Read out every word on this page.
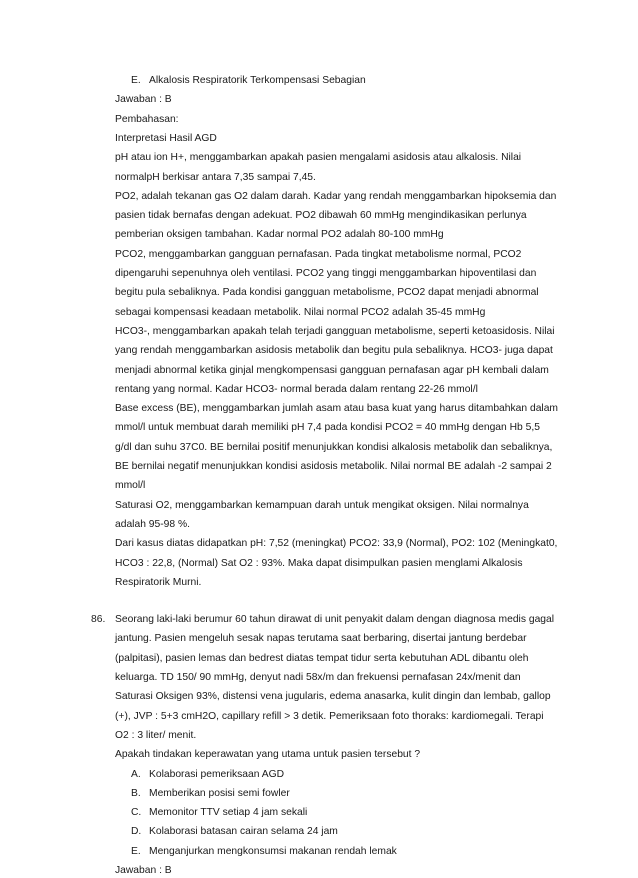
E. Alkalosis Respiratorik Terkompensasi Sebagian
Jawaban : B
Pembahasan:
Interpretasi Hasil AGD
pH atau ion H+, menggambarkan apakah pasien mengalami asidosis atau alkalosis. Nilai
normalpH berkisar antara 7,35 sampai 7,45.
PO2, adalah tekanan gas O2 dalam darah. Kadar yang rendah menggambarkan hipoksemia dan
pasien tidak bernafas dengan adekuat. PO2 dibawah 60 mmHg mengindikasikan perlunya
pemberian oksigen tambahan. Kadar normal PO2 adalah 80-100 mmHg
PCO2, menggambarkan gangguan pernafasan. Pada tingkat metabolisme normal, PCO2
dipengaruhi sepenuhnya oleh ventilasi. PCO2 yang tinggi menggambarkan hipoventilasi dan
begitu pula sebaliknya. Pada kondisi gangguan metabolisme, PCO2 dapat menjadi abnormal
sebagai kompensasi keadaan metabolik. Nilai normal PCO2 adalah 35-45 mmHg
HCO3-, menggambarkan apakah telah terjadi gangguan metabolisme, seperti ketoasidosis. Nilai
yang rendah menggambarkan asidosis metabolik dan begitu pula sebaliknya. HCO3- juga dapat
menjadi abnormal ketika ginjal mengkompensasi gangguan pernafasan agar pH kembali dalam
rentang yang normal. Kadar HCO3- normal berada dalam rentang 22-26 mmol/l
Base excess (BE), menggambarkan jumlah asam atau basa kuat yang harus ditambahkan dalam
mmol/l untuk membuat darah memiliki pH 7,4 pada kondisi PCO2 = 40 mmHg dengan Hb 5,5
g/dl dan suhu 37C0. BE bernilai positif menunjukkan kondisi alkalosis metabolik dan sebaliknya,
BE bernilai negatif menunjukkan kondisi asidosis metabolik. Nilai normal BE adalah -2 sampai 2
mmol/l
Saturasi O2, menggambarkan kemampuan darah untuk mengikat oksigen. Nilai normalnya
adalah 95-98 %.
Dari kasus diatas didapatkan pH: 7,52 (meningkat) PCO2: 33,9 (Normal), PO2: 102 (Meningkat0,
HCO3 : 22,8, (Normal) Sat O2 : 93%. Maka dapat disimpulkan pasien menglami Alkalosis
Respiratorik Murni.
86. Seorang laki-laki berumur 60 tahun dirawat di unit penyakit dalam dengan diagnosa medis gagal
jantung. Pasien mengeluh sesak napas terutama saat berbaring, disertai jantung berdebar
(palpitasi), pasien lemas dan bedrest diatas tempat tidur serta kebutuhan ADL dibantu oleh
keluarga. TD 150/ 90 mmHg, denyut nadi 58x/m dan frekuensi pernafasan 24x/menit dan
Saturasi Oksigen 93%, distensi vena jugularis, edema anasarka, kulit dingin dan lembab, gallop
(+), JVP : 5+3 cmH2O, capillary refill > 3 detik. Pemeriksaan foto thoraks: kardiomegali. Terapi
O2 : 3 liter/ menit.
Apakah tindakan keperawatan yang utama untuk pasien tersebut ?
A. Kolaborasi pemeriksaan AGD
B. Memberikan posisi semi fowler
C. Memonitor TTV setiap 4 jam sekali
D. Kolaborasi batasan cairan selama 24 jam
E. Menganjurkan mengkonsumsi makanan rendah lemak
Jawaban : B
